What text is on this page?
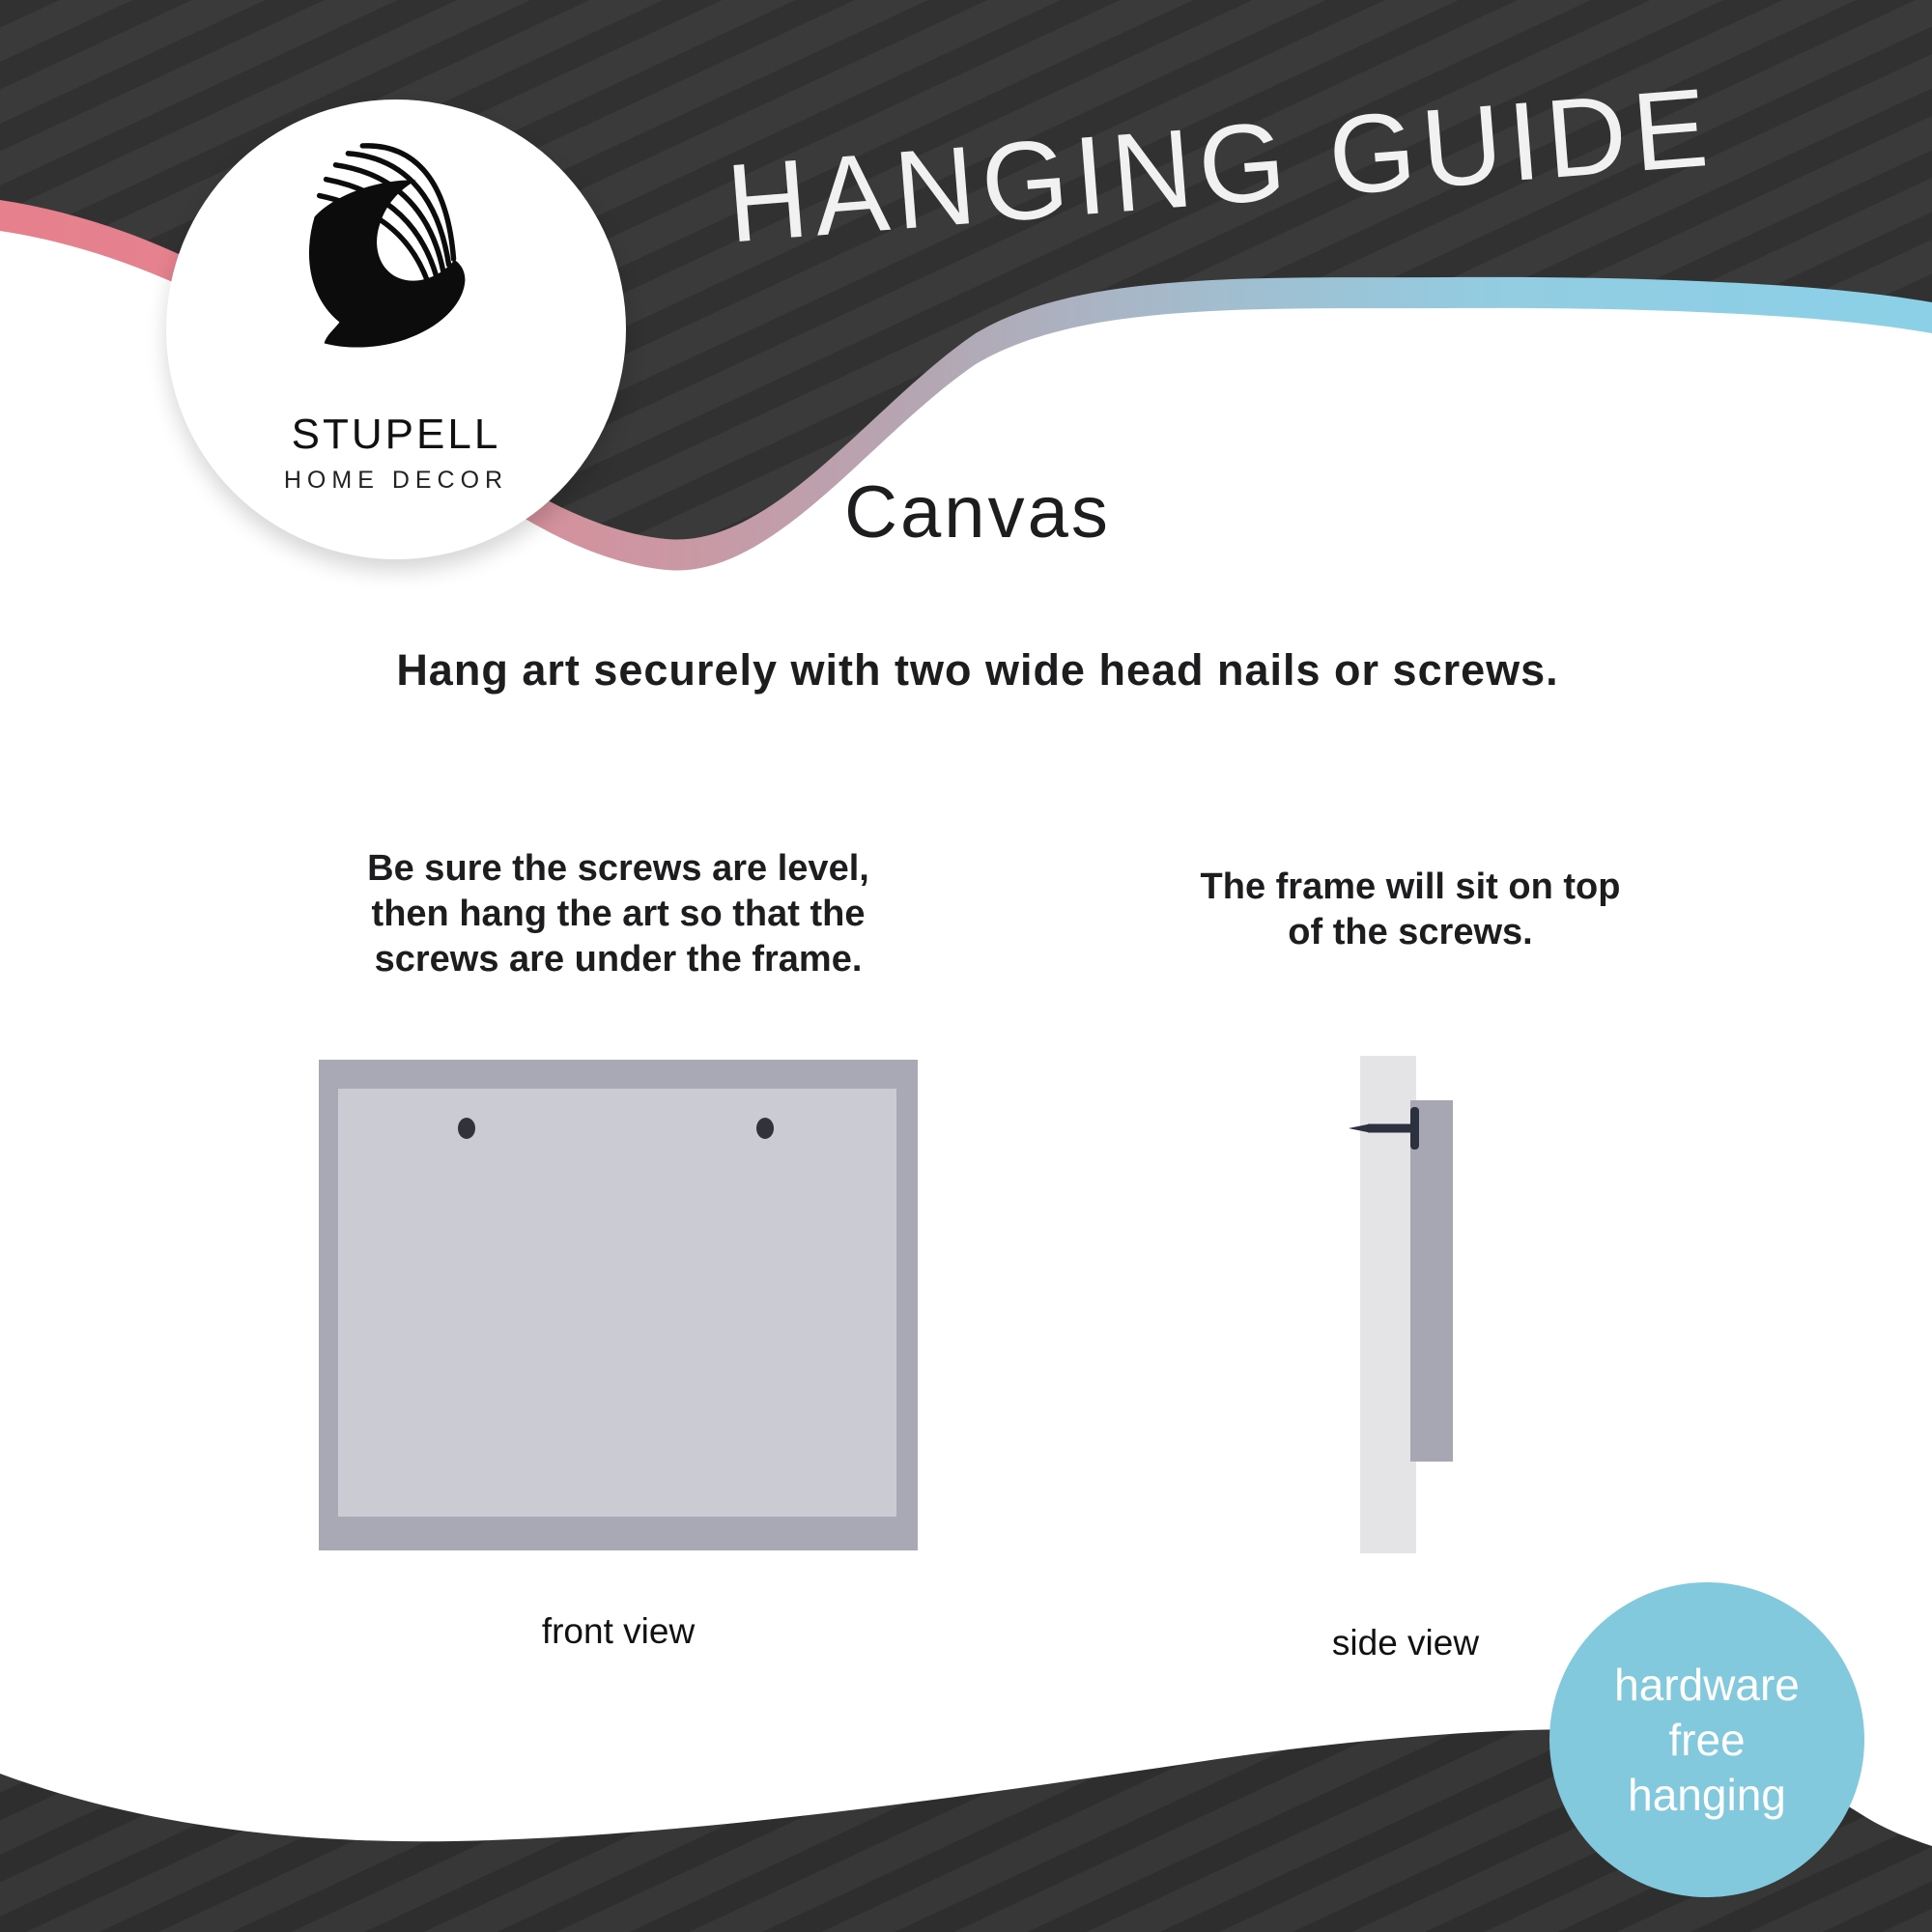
HANGING GUIDE
STUPELL
HOME DECOR	Canvas
Hang art securely with two wide head nails or screws.
Be sure the screws are level,
then hang the art so that the
screws are under the frame.
The frame will sit on top
of the screws.
front view	side view
hardware
free
hanging
